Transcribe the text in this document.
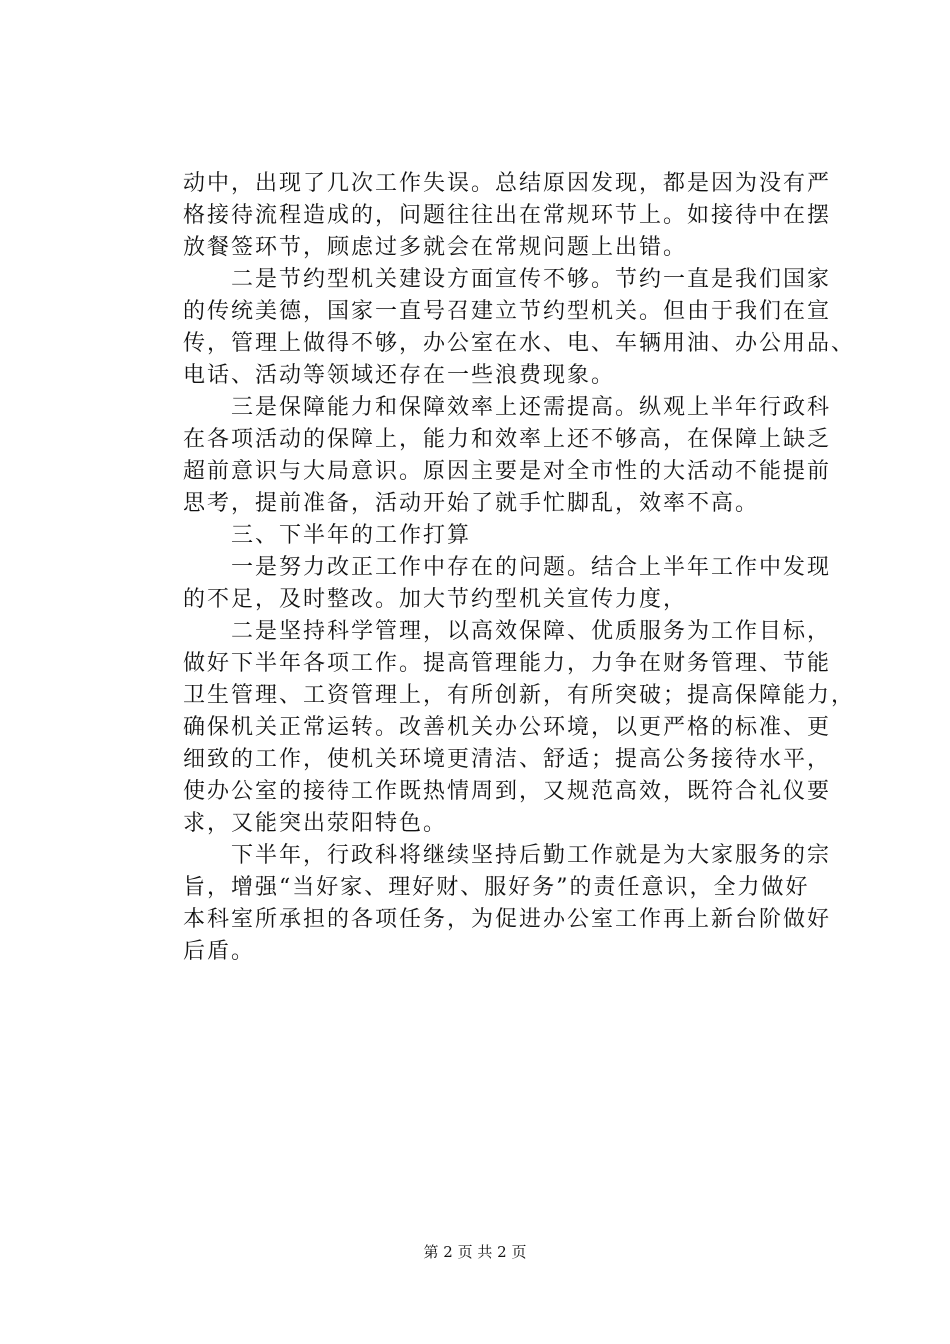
动中，出现了几次工作失误。总结原因发现，都是因为没有严
格接待流程造成的，问题往往出在常规环节上。如接待中在摆
放餐签环节，顾虑过多就会在常规问题上出错。
　　二是节约型机关建设方面宣传不够。节约一直是我们国家
的传统美德，国家一直号召建立节约型机关。但由于我们在宣
传，管理上做得不够，办公室在水、电、车辆用油、办公用品、
电话、活动等领域还存在一些浪费现象。
　　三是保障能力和保障效率上还需提高。纵观上半年行政科
在各项活动的保障上，能力和效率上还不够高，在保障上缺乏
超前意识与大局意识。原因主要是对全市性的大活动不能提前
思考，提前准备，活动开始了就手忙脚乱，效率不高。
　　三、下半年的工作打算
　　一是努力改正工作中存在的问题。结合上半年工作中发现
的不足，及时整改。加大节约型机关宣传力度，
　　二是坚持科学管理，以高效保障、优质服务为工作目标，
做好下半年各项工作。提高管理能力，力争在财务管理、节能
卫生管理、工资管理上，有所创新，有所突破；提高保障能力，
确保机关正常运转。改善机关办公环境，以更严格的标准、更
细致的工作，使机关环境更清洁、舒适；提高公务接待水平，
使办公室的接待工作既热情周到，又规范高效，既符合礼仪要
求，又能突出荥阳特色。
　　下半年，行政科将继续坚持后勤工作就是为大家服务的宗
旨，增强“当好家、理好财、服好务”的责任意识，全力做好
本科室所承担的各项任务，为促进办公室工作再上新台阶做好
后盾。
第 2 页 共 2 页
